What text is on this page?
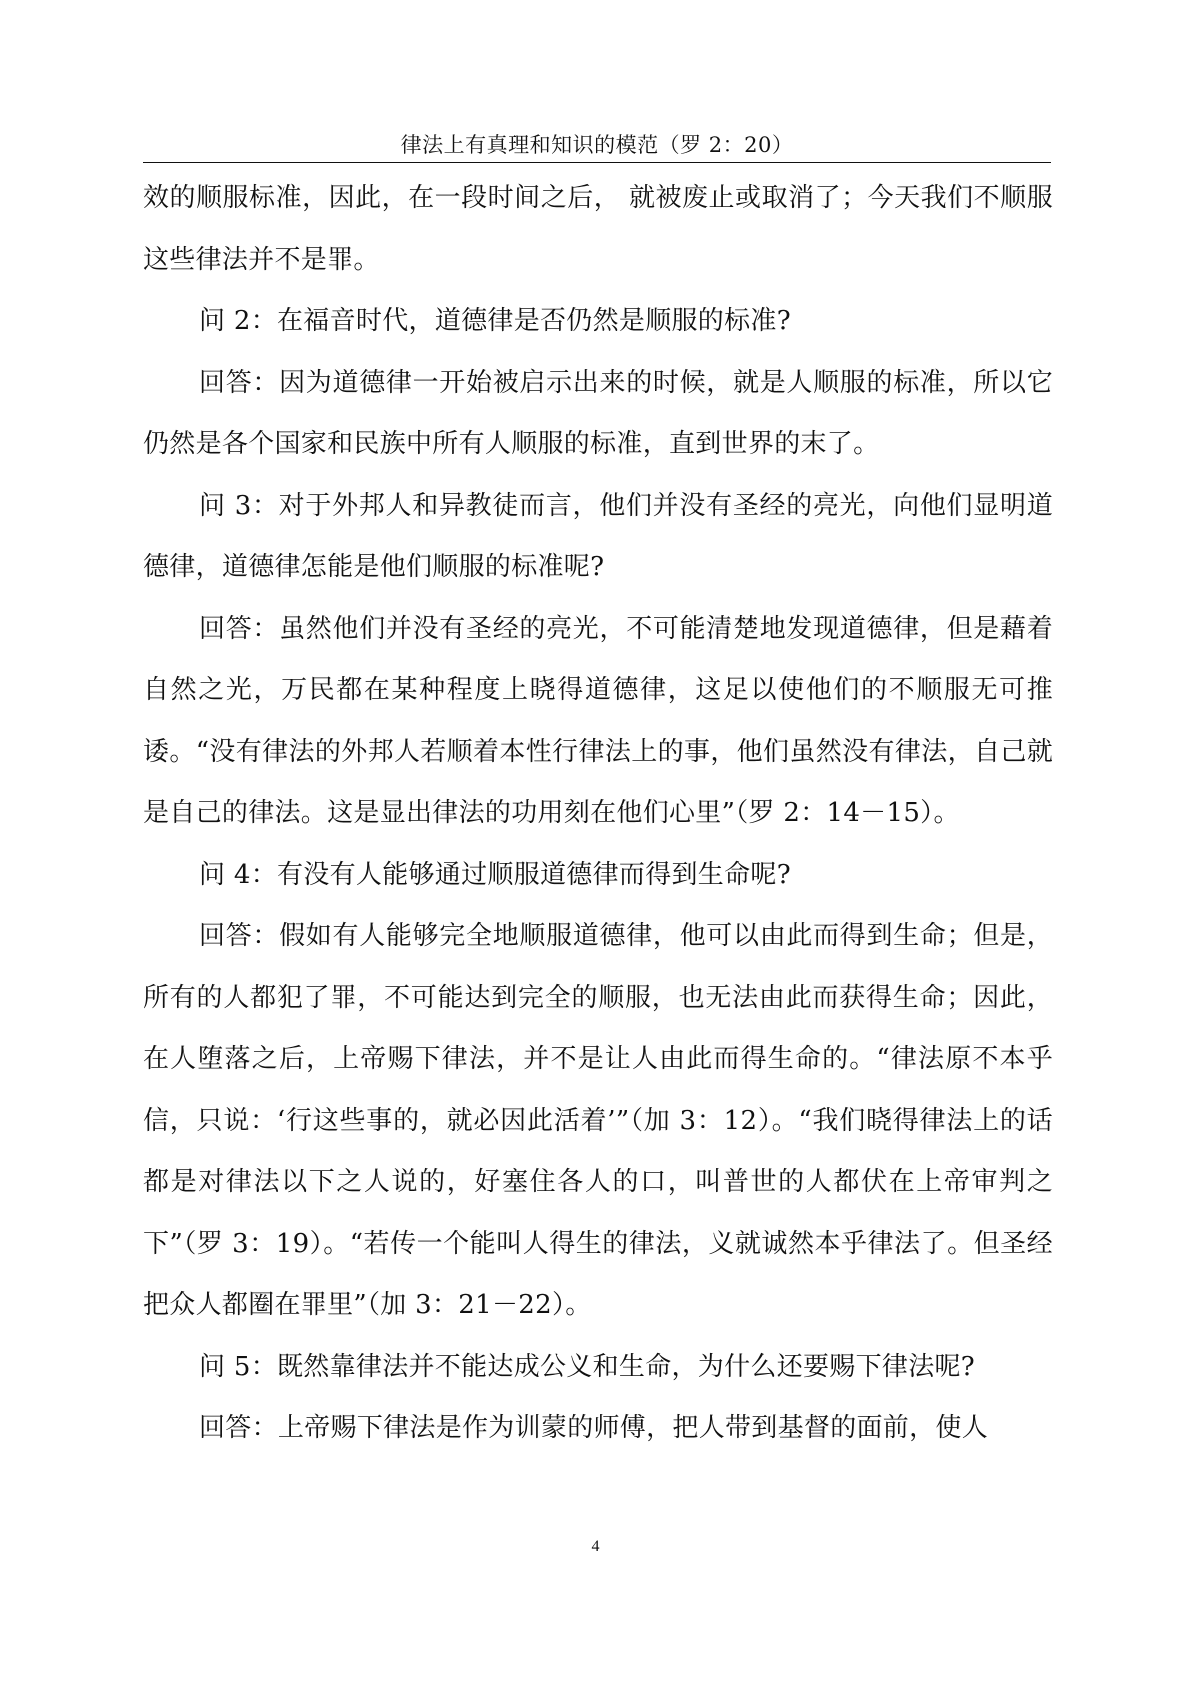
律法上有真理和知识的模范（罗 2：20）

效的顺服标准，因此，在一段时间之后， 就被废止或取消了；今天我们不顺服这些律法并不是罪。

问 2：在福音时代，道德律是否仍然是顺服的标准?

回答：因为道德律一开始被启示出来的时候，就是人顺服的标准，所以它仍然是各个国家和民族中所有人顺服的标准，直到世界的末了。

问 3：对于外邦人和异教徒而言，他们并没有圣经的亮光，向他们显明道德律，道德律怎能是他们顺服的标准呢?

回答：虽然他们并没有圣经的亮光，不可能清楚地发现道德律，但是藉着自然之光，万民都在某种程度上晓得道德律，这足以使他们的不顺服无可推诿。“没有律法的外邦人若顺着本性行律法上的事，他们虽然没有律法，自己就是自己的律法。这是显出律法的功用刻在他们心里”（罗 2：14－15）。

问 4：有没有人能够通过顺服道德律而得到生命呢?

回答：假如有人能够完全地顺服道德律，他可以由此而得到生命；但是，所有的人都犯了罪，不可能达到完全的顺服，也无法由此而获得生命；因此，在人堕落之后，上帝赐下律法，并不是让人由此而得生命的。“律法原不本乎信，只说：‘行这些事的，就必因此活着’”（加 3：12）。“我们晓得律法上的话都是对律法以下之人说的，好塞住各人的口，叫普世的人都伏在上帝审判之下”（罗 3：19）。“若传一个能叫人得生的律法，义就诚然本乎律法了。但圣经把众人都圈在罪里”（加 3：21－22）。

问 5：既然靠律法并不能达成公义和生命，为什么还要赐下律法呢?

回答：上帝赐下律法是作为训蒙的师傅，把人带到基督的面前，使人

4
